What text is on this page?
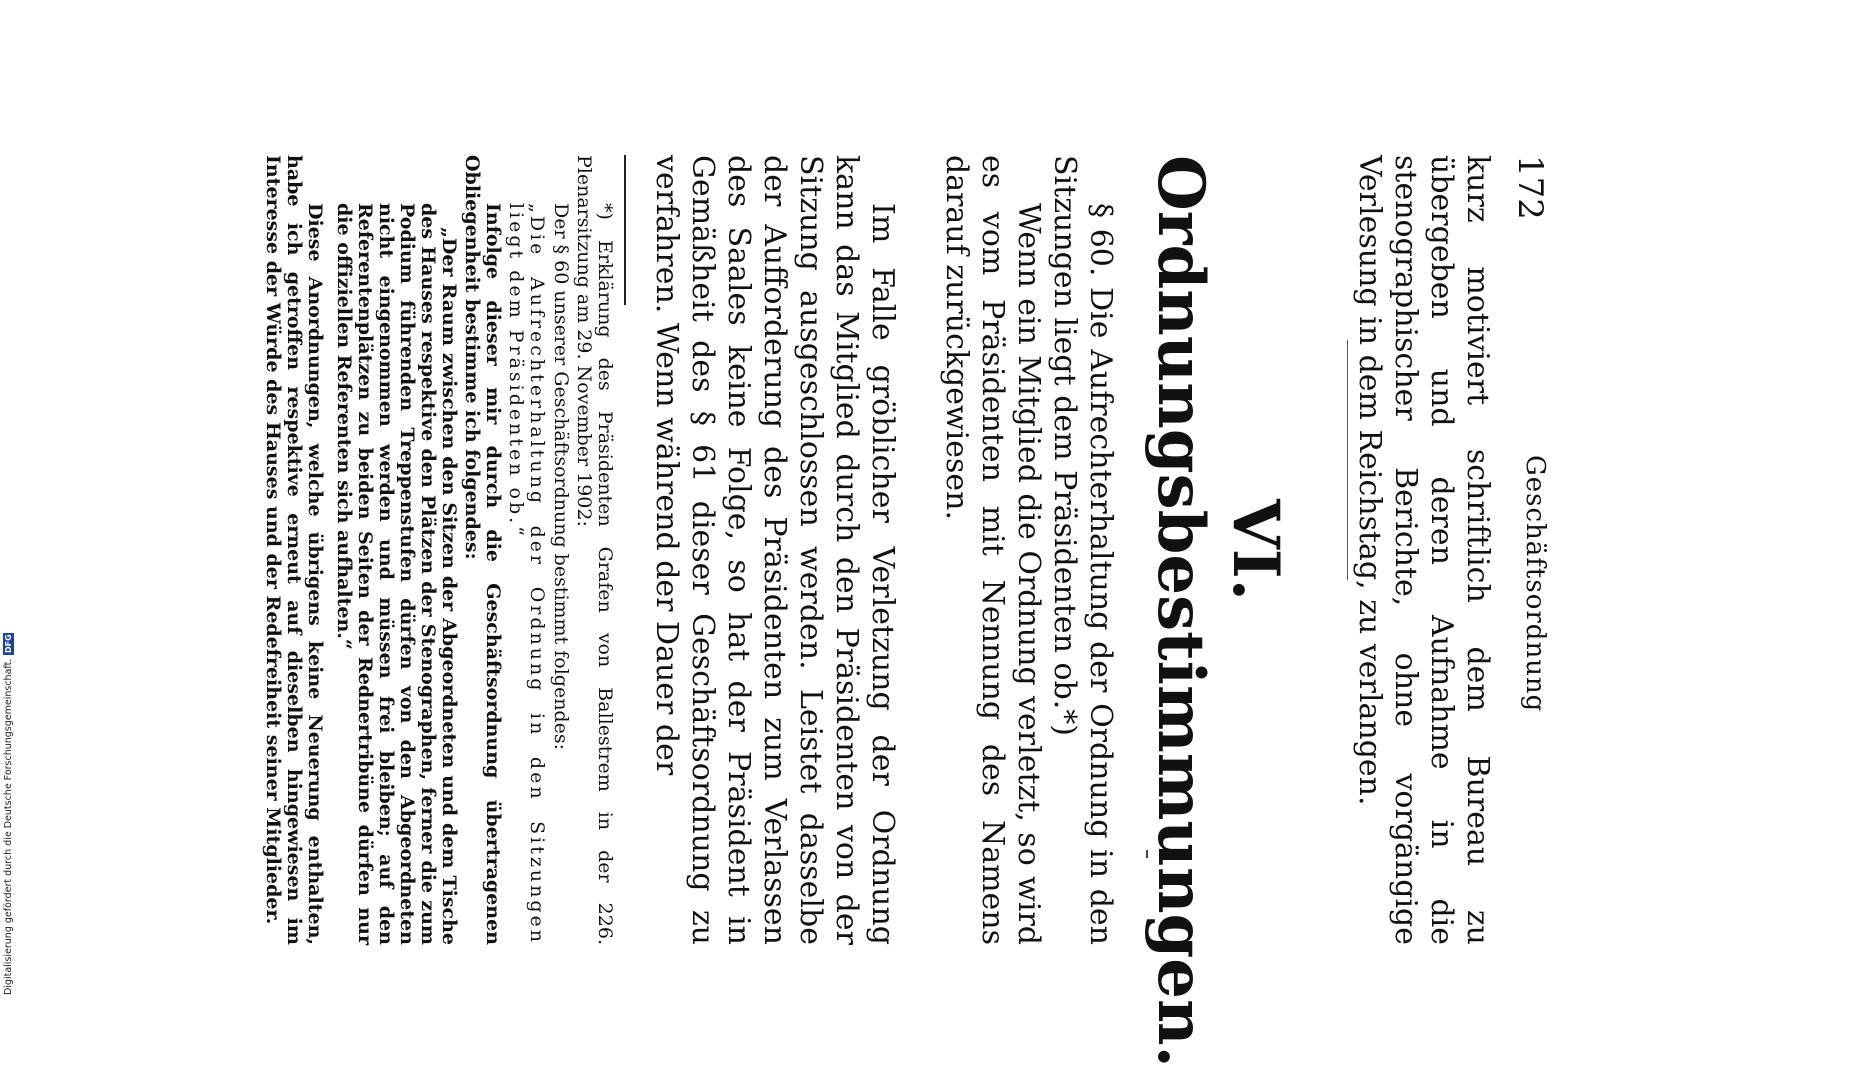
172
Geschäftsordnung

kurz motiviert schriftlich dem Bureau zu übergeben und deren Aufnahme in die stenographischer Berichte, ohne vorgängige Verlesung in dem Reichstag, zu verlangen.

VI. Ordnungsbestimmungen.

§ 60. Die Aufrechterhaltung der Ordnung in den Sitzungen liegt dem Präsidenten ob.*)

Wenn ein Mitglied die Ordnung verletzt, so wird es vom Präsidenten mit Nennung des Namens darauf zurückgewiesen.

Im Falle gröblicher Verletzung der Ordnung kann das Mitglied durch den Präsidenten von der Sitzung ausgeschlossen werden. Leistet dasselbe der Aufforderung des Präsidenten zum Verlassen des Saales keine Folge, so hat der Präsident in Gemäßheit des § 61 dieser Geschäftsordnung zu verfahren. Wenn während der Dauer der

*) Erklärung des Präsidenten Grafen von Ballestrem in der 226. Plenarsitzung am 29. November 1902:

Der § 60 unserer Geschäftsordnung bestimmt folgendes:

„Die Aufrechterhaltung der Ordnung in den Sitzungen liegt dem Präsidenten ob.“

Infolge dieser mir durch die Geschäftsordnung übertragenen Obliegenheit bestimme ich folgendes:

„Der Raum zwischen den Sitzen der Abgeordneten und dem Tische des Hauses respektive den Plätzen der Stenographen, ferner die zum Podium führenden Treppenstufen dürfen von den Abgeordneten nicht eingenommen werden und müssen frei bleiben; auf den Referentenplätzen zu beiden Seiten der Rednertribüne dürfen nur die offiziellen Referenten sich aufhalten.“

Diese Anordnungen, welche übrigens keine Neuerung enthalten, habe ich getroffen respektive erneut auf dieselben hingewiesen im Interesse der Würde des Hauses und der Redefreiheit seiner Mitglieder.

Digitalisierung gefördert durch die Deutsche Forschungsgemeinschaft.
DFG
